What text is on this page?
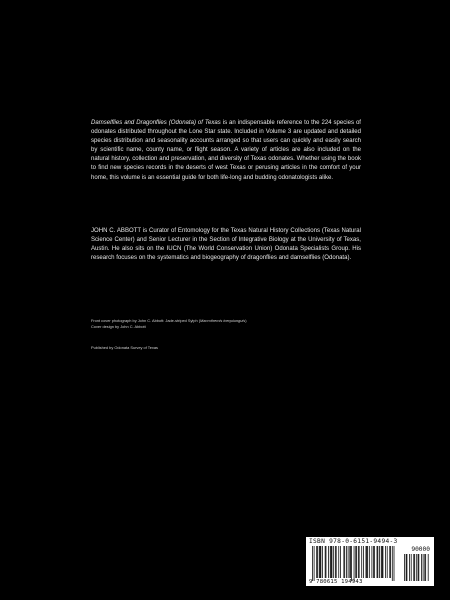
Damselflies and Dragonflies (Odonata) of Texas is an indispensable reference to the 224 species of odonates distributed throughout the Lone Star state. Included in Volume 3 are updated and detailed species distribution and seasonality accounts arranged so that users can quickly and easily search by scientific name, county name, or flight season. A variety of articles are also included on the natural history, collection and preservation, and diversity of Texas odonates. Whether using the book to find new species records in the deserts of west Texas or perusing articles in the comfort of your home, this volume is an essential guide for both life-long and budding odonatologists alike.

JOHN C. ABBOTT is Curator of Entomology for the Texas Natural History Collections (Texas Natural Science Center) and Senior Lecturer in the Section of Integrative Biology at the University of Texas, Austin. He also sits on the IUCN (The World Conservation Union) Odonata Specialists Group. His research focuses on the systematics and biogeography of dragonflies and damselflies (Odonata).

Front cover photograph by John C. Abbott: Jade-striped Sylph (Macrothemis inequiunguis)
Cover design by John C. Abbott
Published by Odonata Survey of Texas
ISBN 978-0-6151-9494-3
90000
9 780615 194943
